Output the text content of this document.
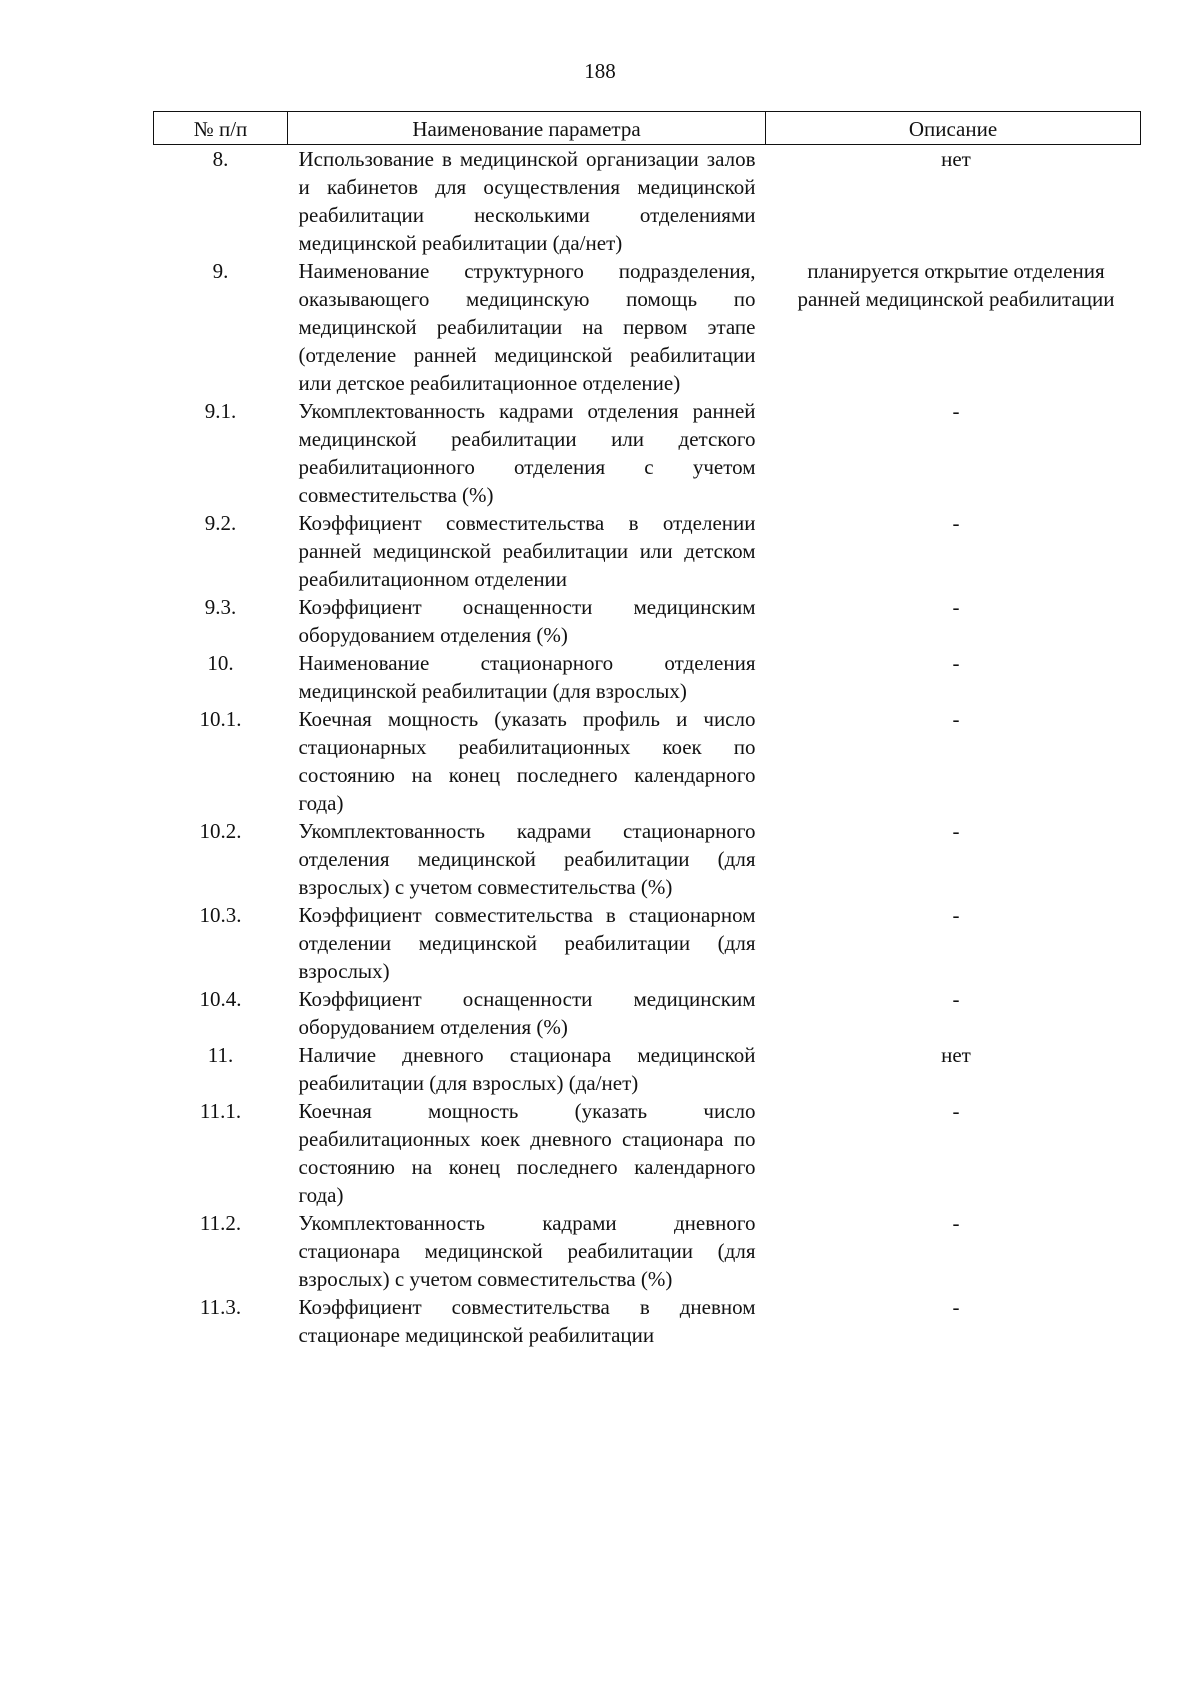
188
№ п/п	Наименование параметра	Описание
8.	Использование в медицинской организации залов и кабинетов для осуществления медицинской реабилитации несколькими отделениями медицинской реабилитации (да/нет)	нет
9.	Наименование структурного подразделения, оказывающего медицинскую помощь по медицинской реабилитации на первом этапе (отделение ранней медицинской реабилитации или детское реабилитационное отделение)	планируется открытие отделения ранней медицинской реабилитации
9.1.	Укомплектованность кадрами отделения ранней медицинской реабилитации или детского реабилитационного отделения с учетом совместительства (%)	-
9.2.	Коэффициент совместительства в отделении ранней медицинской реабилитации или детском реабилитационном отделении	-
9.3.	Коэффициент оснащенности медицинским оборудованием отделения (%)	-
10.	Наименование стационарного отделения медицинской реабилитации (для взрослых)	-
10.1.	Коечная мощность (указать профиль и число стационарных реабилитационных коек по состоянию на конец последнего календарного года)	-
10.2.	Укомплектованность кадрами стационарного отделения медицинской реабилитации (для взрослых) с учетом совместительства (%)	-
10.3.	Коэффициент совместительства в стационарном отделении медицинской реабилитации (для взрослых)	-
10.4.	Коэффициент оснащенности медицинским оборудованием отделения (%)	-
11.	Наличие дневного стационара медицинской реабилитации (для взрослых) (да/нет)	нет
11.1.	Коечная мощность (указать число реабилитационных коек дневного стационара по состоянию на конец последнего календарного года)	-
11.2.	Укомплектованность кадрами дневного стационара медицинской реабилитации (для взрослых) с учетом совместительства (%)	-
11.3.	Коэффициент совместительства в дневном стационаре медицинской реабилитации	-
